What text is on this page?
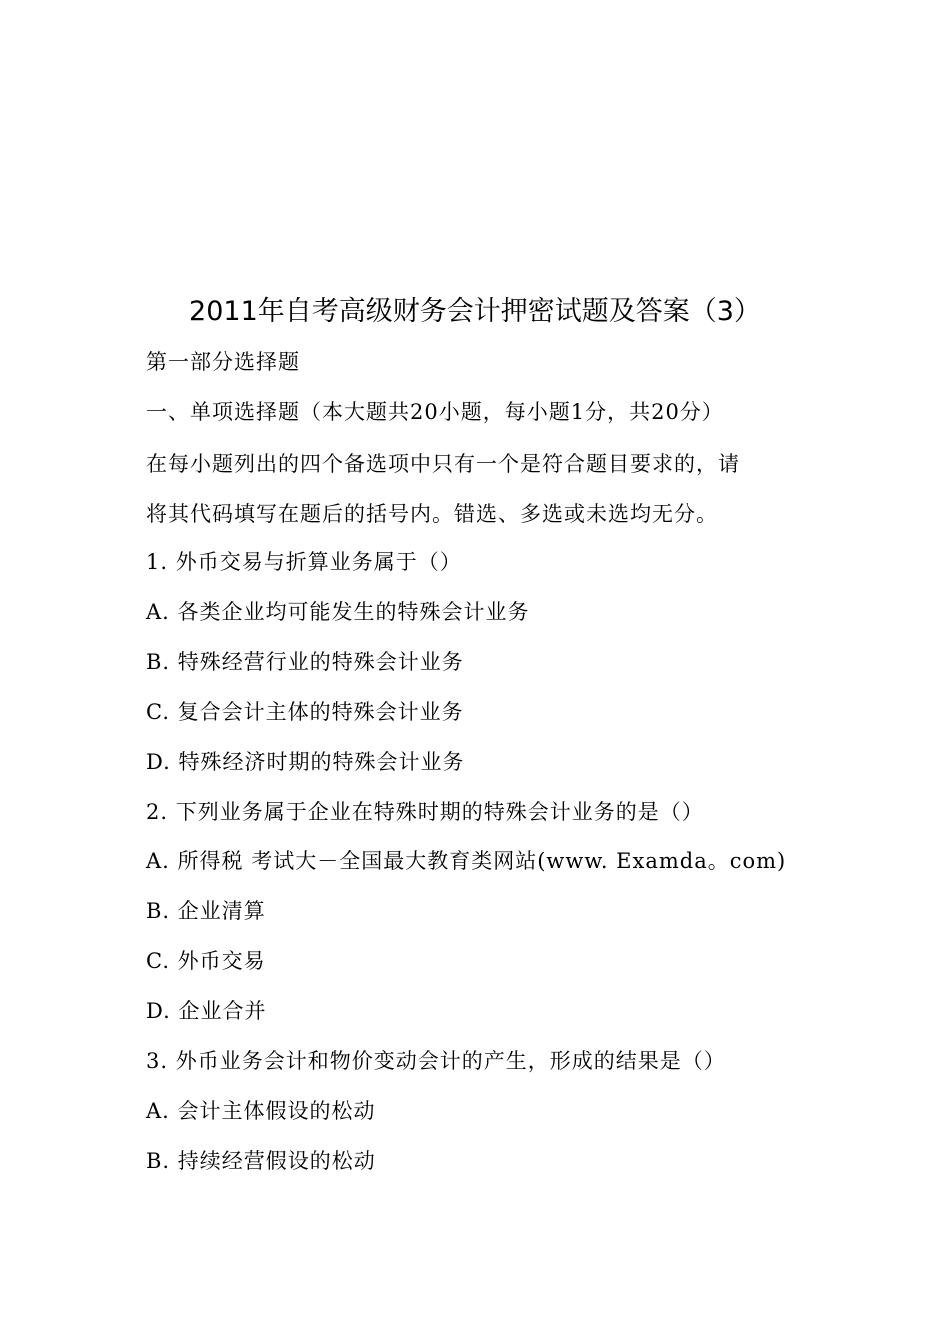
2011年自考高级财务会计押密试题及答案（3）
第一部分选择题
一、单项选择题（本大题共20小题，每小题1分，共20分）
在每小题列出的四个备选项中只有一个是符合题目要求的，请
将其代码填写在题后的括号内。错选、多选或未选均无分。
1. 外币交易与折算业务属于（）
A. 各类企业均可能发生的特殊会计业务
B. 特殊经营行业的特殊会计业务
C. 复合会计主体的特殊会计业务
D. 特殊经济时期的特殊会计业务
2. 下列业务属于企业在特殊时期的特殊会计业务的是（）
A. 所得税 考试大－全国最大教育类网站(www. Examda。com)
B. 企业清算
C. 外币交易
D. 企业合并
3. 外币业务会计和物价变动会计的产生，形成的结果是（）
A. 会计主体假设的松动
B. 持续经营假设的松动
